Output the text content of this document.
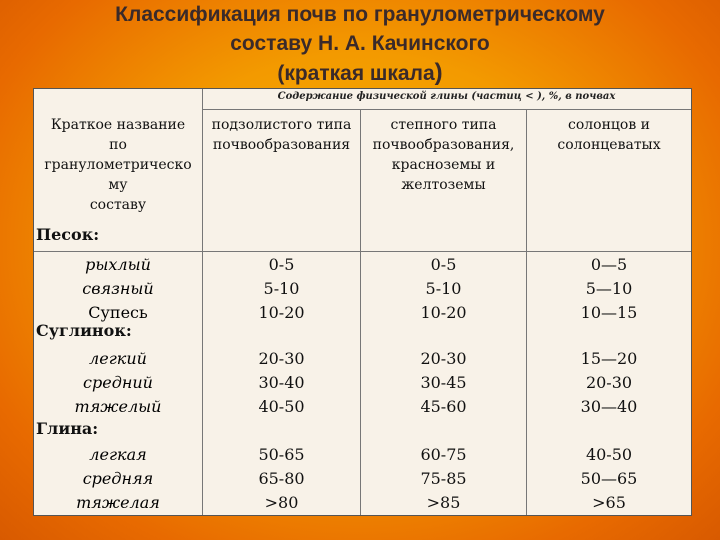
Классификация почв по гранулометрическому
составу Н. А. Качинского
(краткая шкала)
Содержание физической глины (частиц < ), %, в почвах
Краткое название
по
гранулометрическо
му
составу
подзолистого типа
почвообразования
степного типа
почвообразования,
красноземы и
желтоземы
солонцов и
солонцеватых
Песок:
рыхлый
связный
Супесь
0-5
5-10
10-20
0-5
5-10
10-20
0—5
5—10
10—15
Суглинок:
легкий
средний
тяжелый
20-30
30-40
40-50
20-30
30-45
45-60
15—20
20-30
30—40
Глина:
легкая
средняя
тяжелая
50-65
65-80
>80
60-75
75-85
>85
40-50
50—65
>65
